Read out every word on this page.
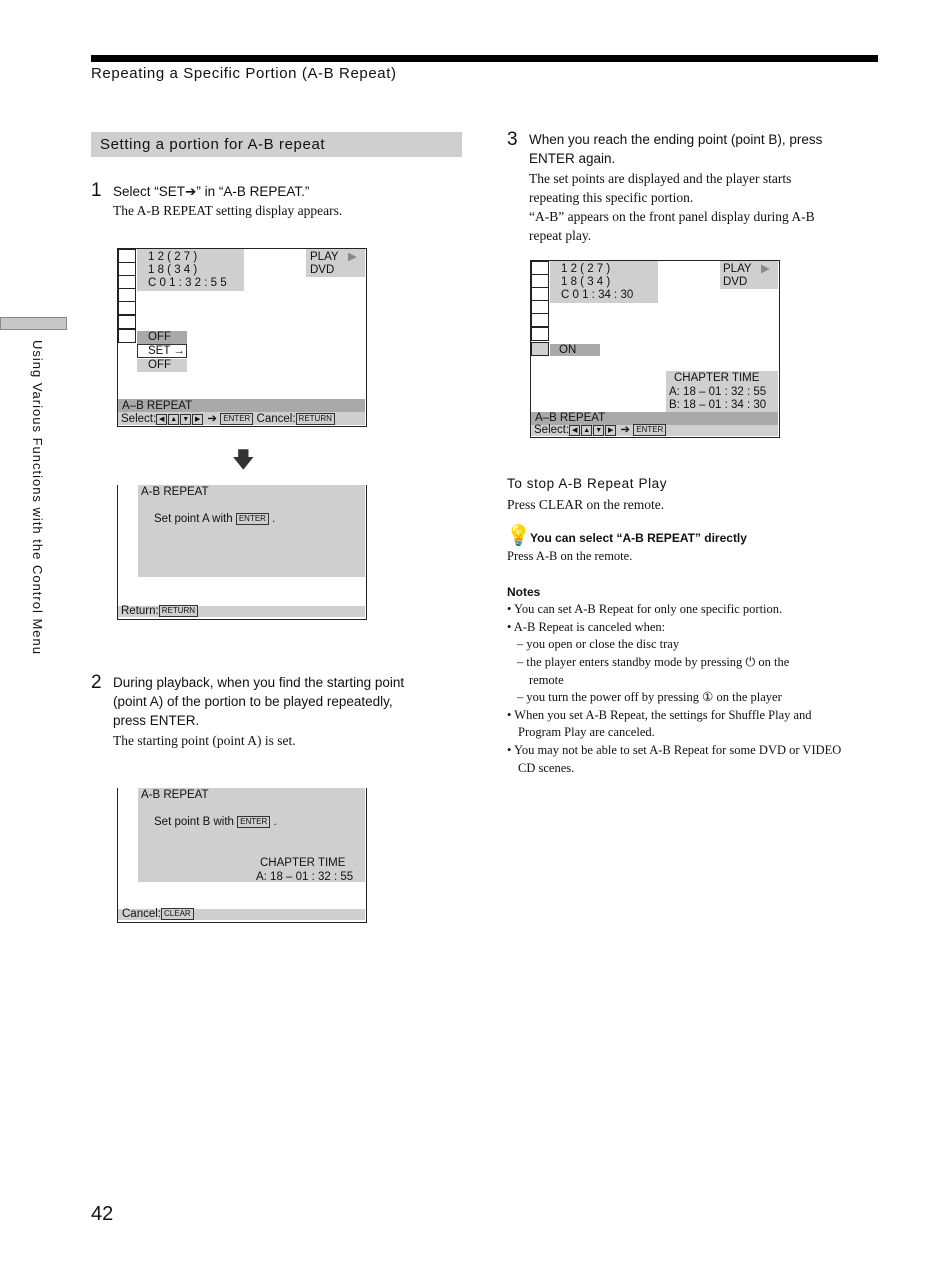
Repeating a Specific Portion (A-B Repeat)
Using Various Functions with the Control Menu
Setting a portion for A-B repeat
1 Select “SET➔” in “A-B REPEAT.”
The A-B REPEAT setting display appears.
1 2 ( 2 7 )
1 8 ( 3 4 )
C 0 1 : 3 2 : 5 5
PLAY ▶
DVD
OFF
SET →
OFF
A–B REPEAT
Select: ◀ ▲ ▼ ▶ ➔ ENTER Cancel: RETURN
🡇
A-B REPEAT
Set point A with ENTER .
Return: RETURN
2 During playback, when you find the starting point
(point A) of the portion to be played repeatedly,
press ENTER.
The starting point (point A) is set.
A-B REPEAT
Set point B with ENTER .
CHAPTER TIME
A: 18 – 01 : 32 : 55
Cancel: CLEAR
3 When you reach the ending point (point B), press
ENTER again.
The set points are displayed and the player starts
repeating this specific portion.
“A-B” appears on the front panel display during A-B
repeat play.
1 2 ( 2 7 )
1 8 ( 3 4 )
C 0 1 : 34 : 30
PLAY ▶
DVD
ON
CHAPTER TIME
A: 18 – 01 : 32 : 55
B: 18 – 01 : 34 : 30
A–B REPEAT
Select: ◀ ▲ ▼ ▶ ➔ ENTER
To stop A-B Repeat Play
Press CLEAR on the remote.
💡 You can select “A-B REPEAT” directly
Press A-B on the remote.
Notes
• You can set A-B Repeat for only one specific portion.
• A-B Repeat is canceled when:
– you open or close the disc tray
– the player enters standby mode by pressing ⏻ on the
remote
– you turn the power off by pressing ① on the player
• When you set A-B Repeat, the settings for Shuffle Play and
Program Play are canceled.
• You may not be able to set A-B Repeat for some DVD or VIDEO
CD scenes.
42
